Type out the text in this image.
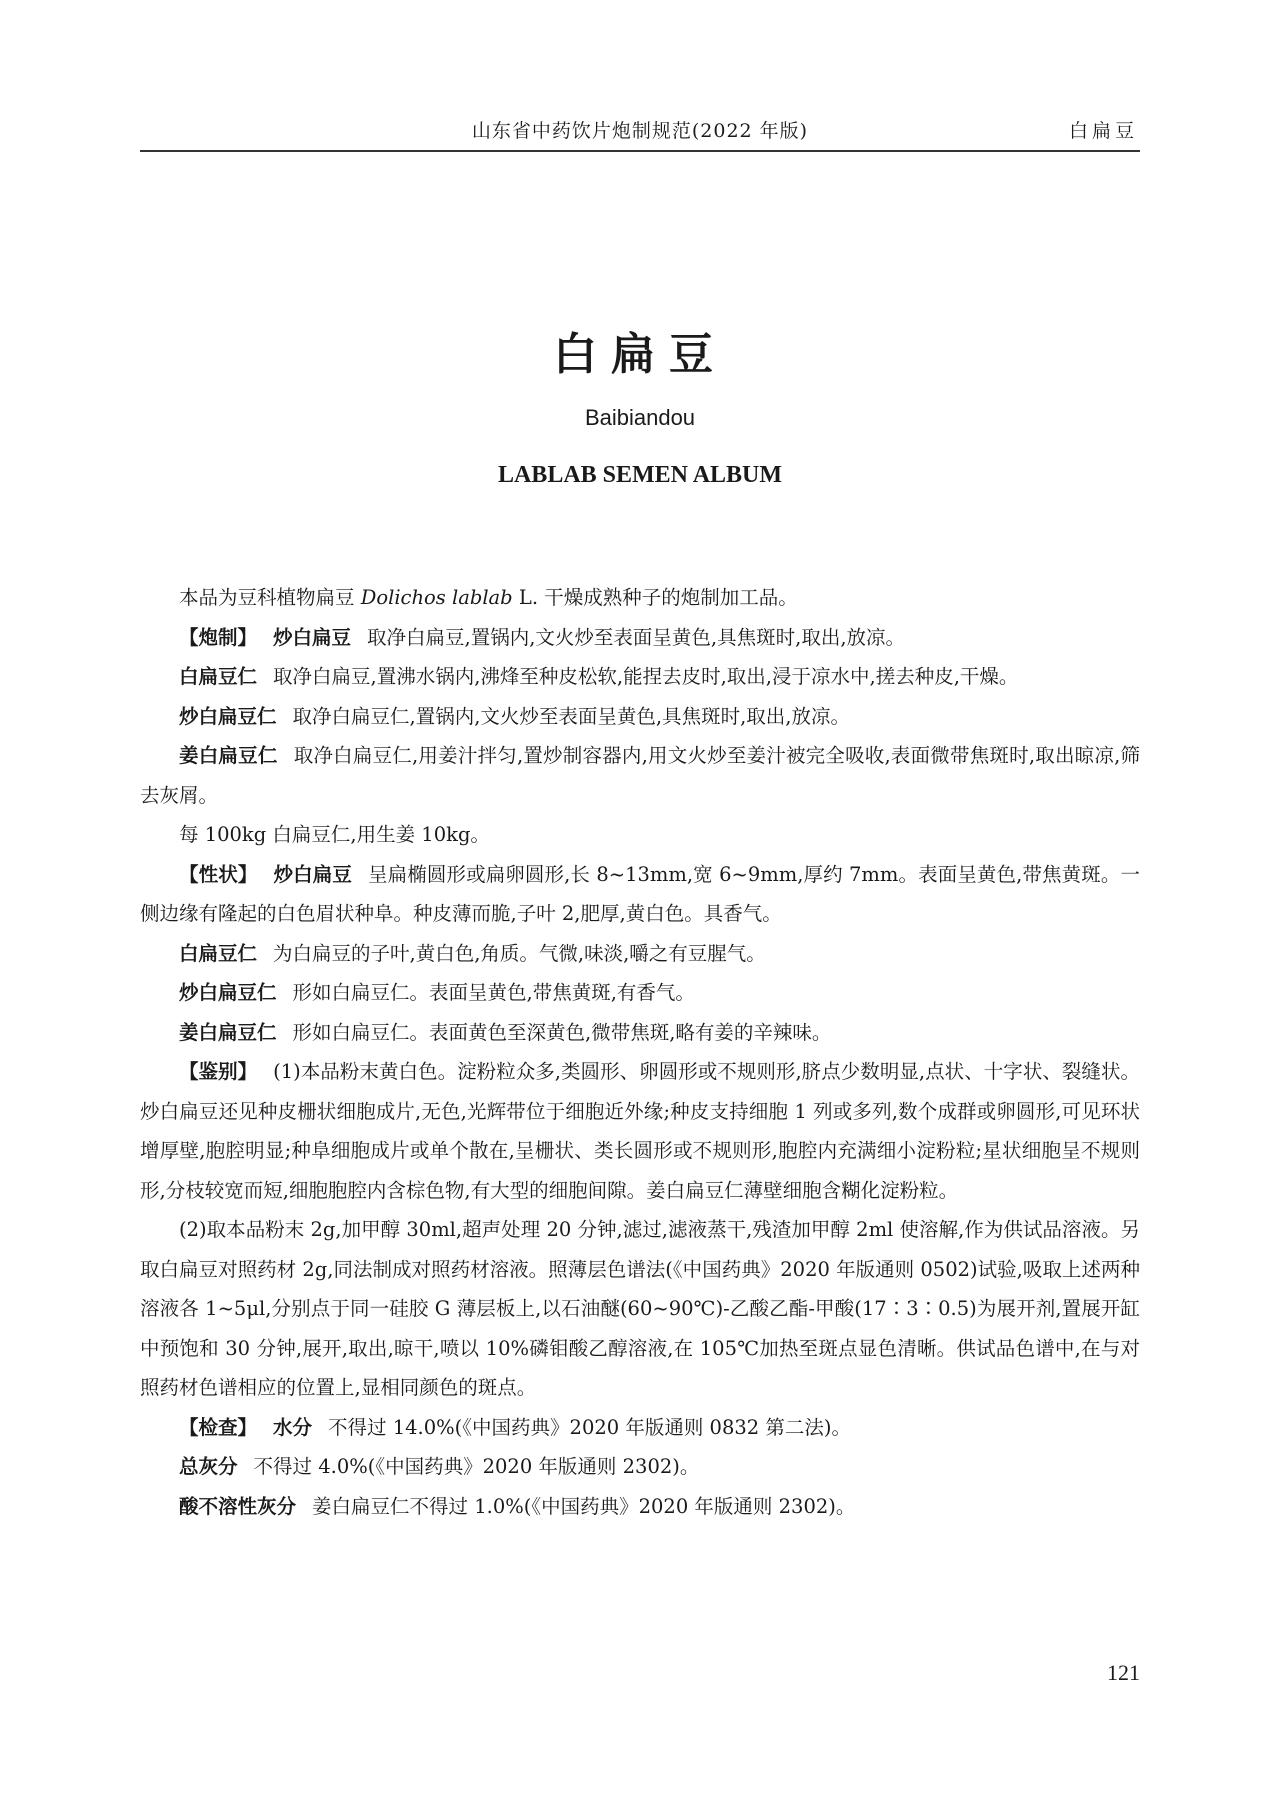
山东省中药饮片炮制规范(2022 年版)	白扁豆
白扁豆
Baibiandou
LABLAB SEMEN ALBUM

本品为豆科植物扁豆 Dolichos lablab L. 干燥成熟种子的炮制加工品。

【炮制】 炒白扁豆 取净白扁豆,置锅内,文火炒至表面呈黄色,具焦斑时,取出,放凉。

白扁豆仁 取净白扁豆,置沸水锅内,沸烽至种皮松软,能捏去皮时,取出,浸于凉水中,搓去种皮,干燥。

炒白扁豆仁 取净白扁豆仁,置锅内,文火炒至表面呈黄色,具焦斑时,取出,放凉。

姜白扁豆仁 取净白扁豆仁,用姜汁拌匀,置炒制容器内,用文火炒至姜汁被完全吸收,表面微带焦斑时,取出晾凉,筛去灰屑。

每 100kg 白扁豆仁,用生姜 10kg。

【性状】 炒白扁豆 呈扁椭圆形或扁卵圆形,长 8~13mm,宽 6~9mm,厚约 7mm。表面呈黄色,带焦黄斑。一侧边缘有隆起的白色眉状种阜。种皮薄而脆,子叶 2,肥厚,黄白色。具香气。

白扁豆仁 为白扁豆的子叶,黄白色,角质。气微,味淡,嚼之有豆腥气。

炒白扁豆仁 形如白扁豆仁。表面呈黄色,带焦黄斑,有香气。

姜白扁豆仁 形如白扁豆仁。表面黄色至深黄色,微带焦斑,略有姜的辛辣味。

【鉴别】 (1)本品粉末黄白色。淀粉粒众多,类圆形、卵圆形或不规则形,脐点少数明显,点状、十字状、裂缝状。炒白扁豆还见种皮栅状细胞成片,无色,光辉带位于细胞近外缘;种皮支持细胞 1 列或多列,数个成群或卵圆形,可见环状增厚壁,胞腔明显;种阜细胞成片或单个散在,呈栅状、类长圆形或不规则形,胞腔内充满细小淀粉粒;星状细胞呈不规则形,分枝较宽而短,细胞胞腔内含棕色物,有大型的细胞间隙。姜白扁豆仁薄壁细胞含糊化淀粉粒。

(2)取本品粉末 2g,加甲醇 30ml,超声处理 20 分钟,滤过,滤液蒸干,残渣加甲醇 2ml 使溶解,作为供试品溶液。另取白扁豆对照药材 2g,同法制成对照药材溶液。照薄层色谱法(《中国药典》2020 年版通则 0502)试验,吸取上述两种溶液各 1~5μl,分别点于同一硅胶 G 薄层板上,以石油醚(60~90℃)-乙酸乙酯-甲酸(17∶3∶0.5)为展开剂,置展开缸中预饱和 30 分钟,展开,取出,晾干,喷以 10%磷钼酸乙醇溶液,在 105℃加热至斑点显色清晰。供试品色谱中,在与对照药材色谱相应的位置上,显相同颜色的斑点。

【检查】 水分 不得过 14.0%(《中国药典》2020 年版通则 0832 第二法)。

总灰分 不得过 4.0%(《中国药典》2020 年版通则 2302)。

酸不溶性灰分 姜白扁豆仁不得过 1.0%(《中国药典》2020 年版通则 2302)。

121
